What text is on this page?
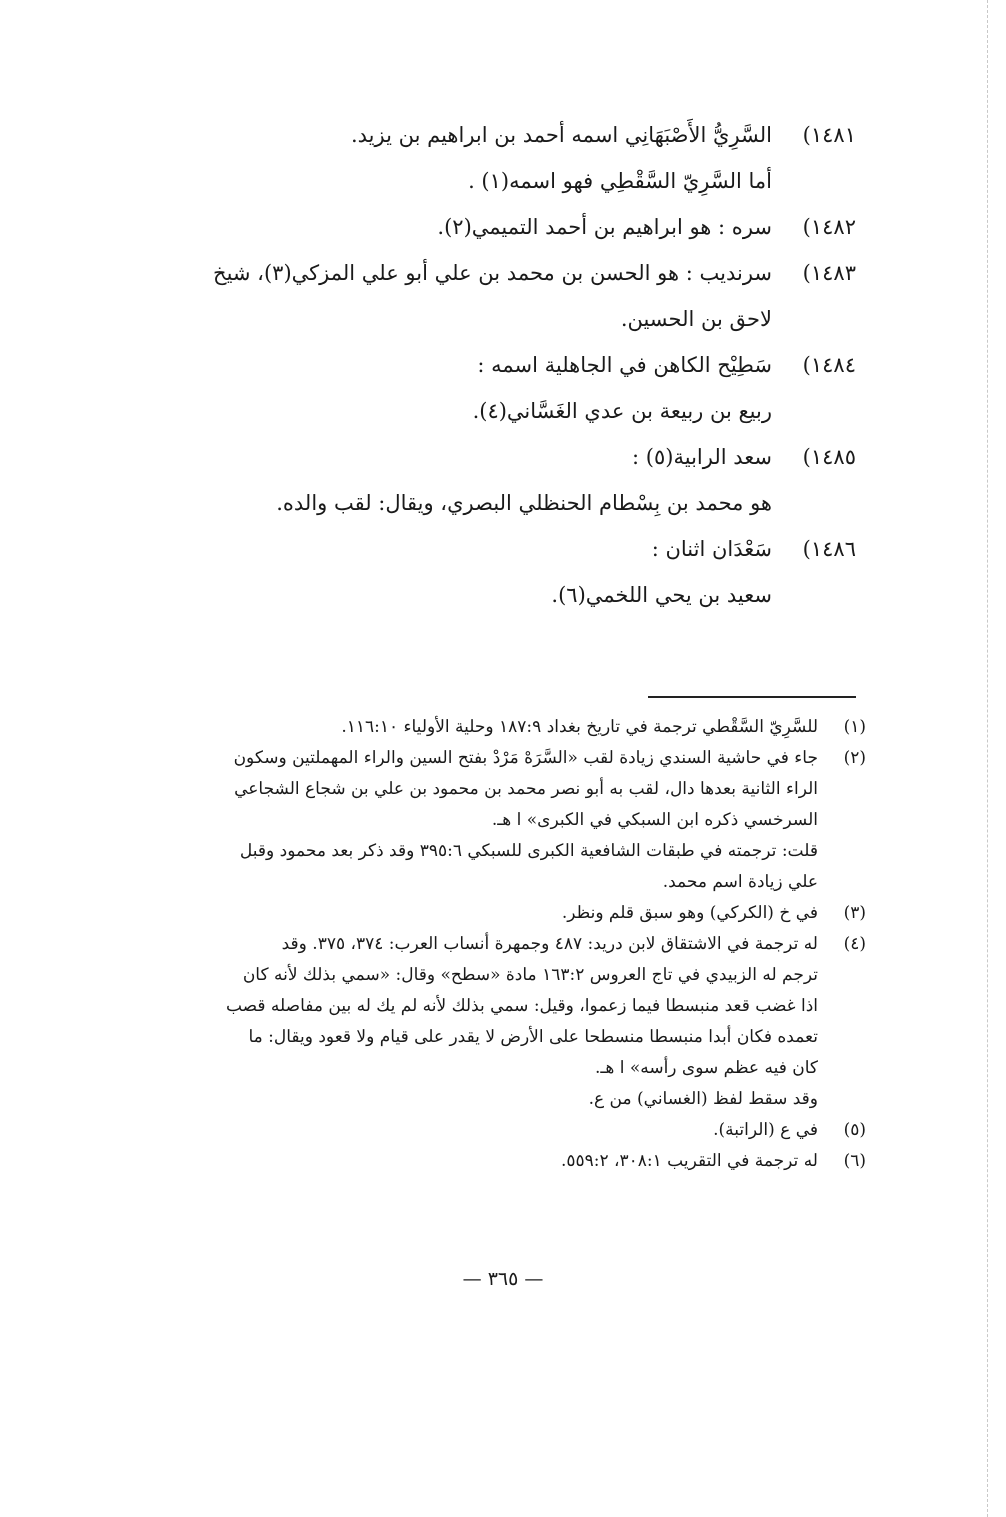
١٤٨١)

السَّرِيُّ الأَصْبَهَانِي اسمه أحمد بن ابراهيم بن يزيد.

أما السَّرِيّ السَّقْطِي فهو اسمه(١) .

١٤٨٢)

سره : هو ابراهيم بن أحمد التميمي(٢).

١٤٨٣)

سرنديب : هو الحسن بن محمد بن علي أبو علي المزكي(٣)، شيخ

لاحق بن الحسين.

١٤٨٤)

سَطِيْح الكاهن في الجاهلية اسمه :

ربيع بن ربيعة بن عدي الغَسَّاني(٤).

١٤٨٥)

سعد الرابية(٥) :

هو محمد بن بِسْطام الحنظلي البصري، ويقال: لقب والده.

١٤٨٦)

سَعْدَان اثنان :

سعيد بن يحي اللخمي(٦).

(١)

للسَّرِيّ السَّقْطي ترجمة في تاريخ بغداد ١٨٧:٩ وحلية الأولياء ١١٦:١٠.

(٢)

جاء في حاشية السندي زيادة لقب «السَّرَهْ مَرْدْ بفتح السين والراء المهملتين وسكون

الراء الثانية بعدها دال، لقب به أبو نصر محمد بن محمود بن علي بن شجاع الشجاعي

السرخسي ذكره ابن السبكي في الكبرى» ا هـ.

قلت: ترجمته في طبقات الشافعية الكبرى للسبكي ٣٩٥:٦ وقد ذكر بعد محمود وقبل

علي زيادة اسم محمد.

(٣)

في خ (الكركي) وهو سبق قلم ونظر.

(٤)

له ترجمة في الاشتقاق لابن دريد: ٤٨٧ وجمهرة أنساب العرب: ٣٧٤، ٣٧٥. وقد

ترجم له الزبيدي في تاج العروس ١٦٣:٢ مادة «سطح» وقال: «سمي بذلك لأنه كان

اذا غضب قعد منبسطا فيما زعموا، وقيل: سمي بذلك لأنه لم يك له بين مفاصله قصب

تعمده فكان أبدا منبسطا منسطحا على الأرض لا يقدر على قيام ولا قعود ويقال: ما

كان فيه عظم سوى رأسه» ا هـ.

وقد سقط لفظ (الغساني) من ع.

(٥)

في ع (الراتبة).

(٦)

له ترجمة في التقريب ٣٠٨:١، ٥٥٩:٢.

— ٣٦٥ —
